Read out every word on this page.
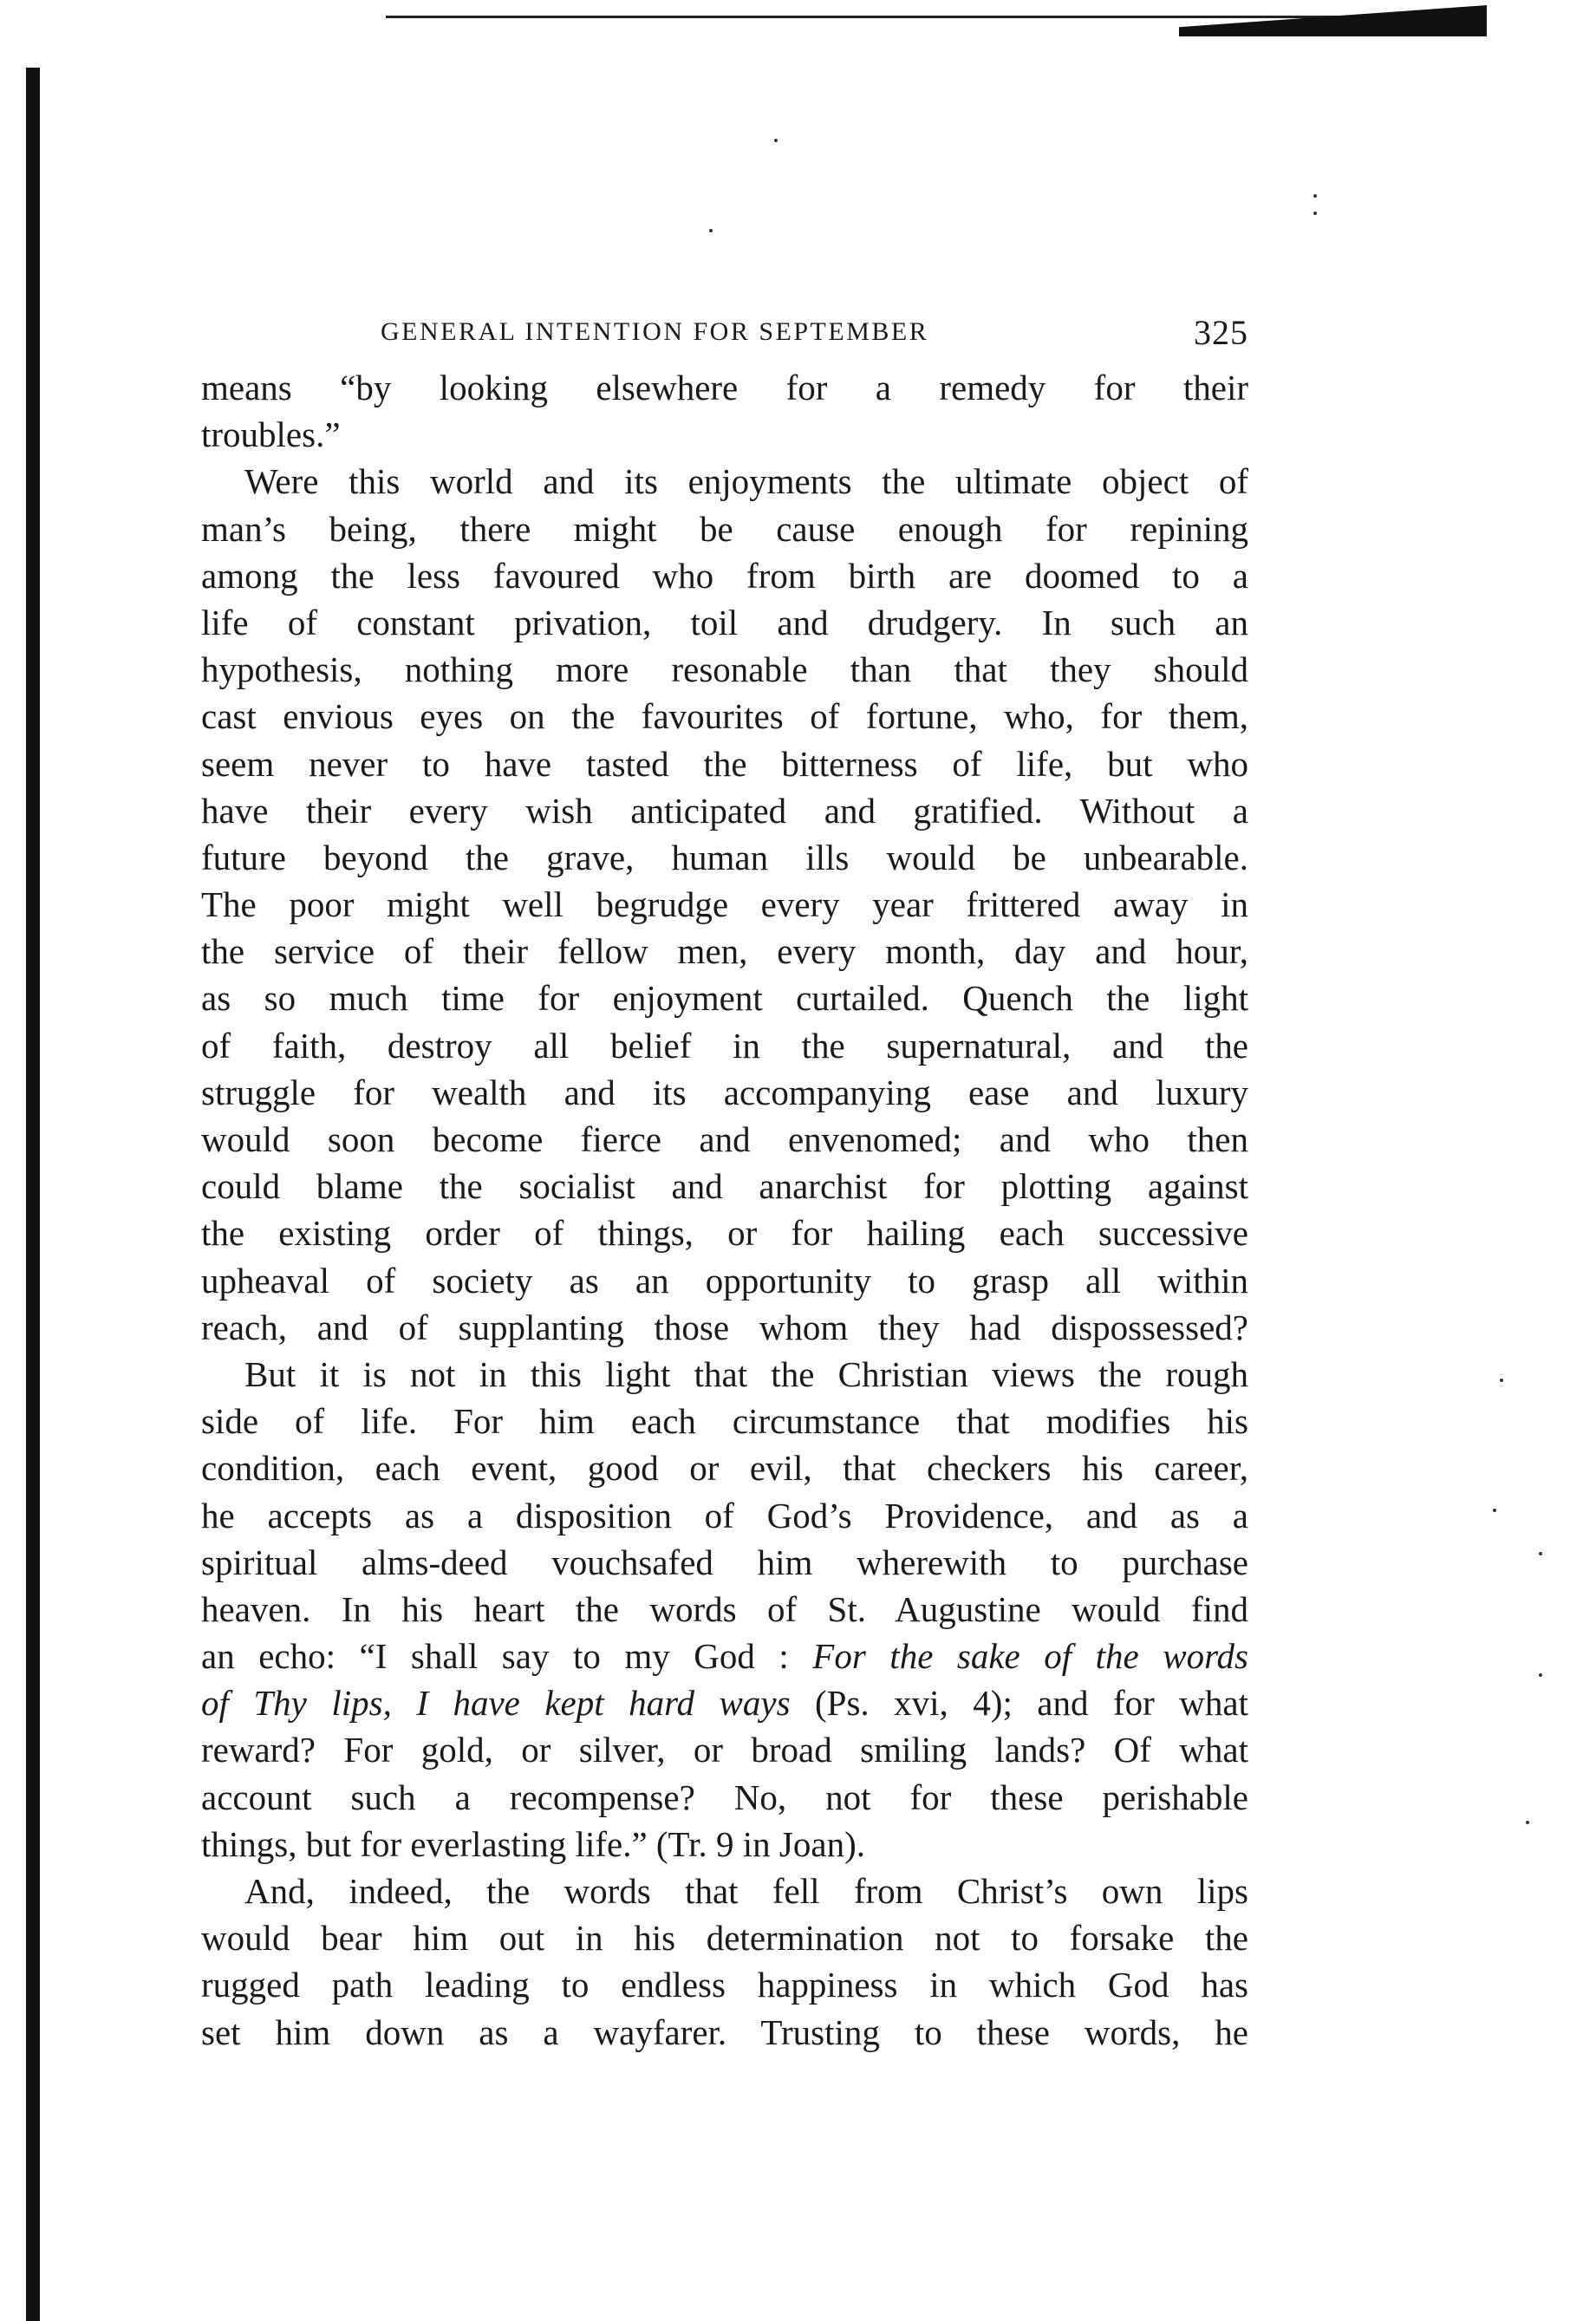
GENERAL INTENTION FOR SEPTEMBER	325
means “by looking elsewhere for a remedy for their
troubles.”
Were this world and its enjoyments the ultimate object of
man’s being, there might be cause enough for repining
among the less favoured who from birth are doomed to a
life of constant privation, toil and drudgery. In such an
hypothesis, nothing more resonable than that they should
cast envious eyes on the favourites of fortune, who, for them,
seem never to have tasted the bitterness of life, but who
have their every wish anticipated and gratified. Without a
future beyond the grave, human ills would be unbearable.
The poor might well begrudge every year frittered away in
the service of their fellow men, every month, day and hour,
as so much time for enjoyment curtailed. Quench the light
of faith, destroy all belief in the supernatural, and the
struggle for wealth and its accompanying ease and luxury
would soon become fierce and envenomed; and who then
could blame the socialist and anarchist for plotting against
the existing order of things, or for hailing each successive
upheaval of society as an opportunity to grasp all within
reach, and of supplanting those whom they had dispossessed?
But it is not in this light that the Christian views the rough
side of life. For him each circumstance that modifies his
condition, each event, good or evil, that checkers his career,
he accepts as a disposition of God’s Providence, and as a
spiritual alms-deed vouchsafed him wherewith to purchase
heaven. In his heart the words of St. Augustine would find
an echo: “I shall say to my God : For the sake of the words
of Thy lips, I have kept hard ways (Ps. xvi, 4); and for what
reward? For gold, or silver, or broad smiling lands? Of what
account such a recompense? No, not for these perishable
things, but for everlasting life.” (Tr. 9 in Joan).
And, indeed, the words that fell from Christ’s own lips
would bear him out in his determination not to forsake the
rugged path leading to endless happiness in which God has
set him down as a wayfarer. Trusting to these words, he
